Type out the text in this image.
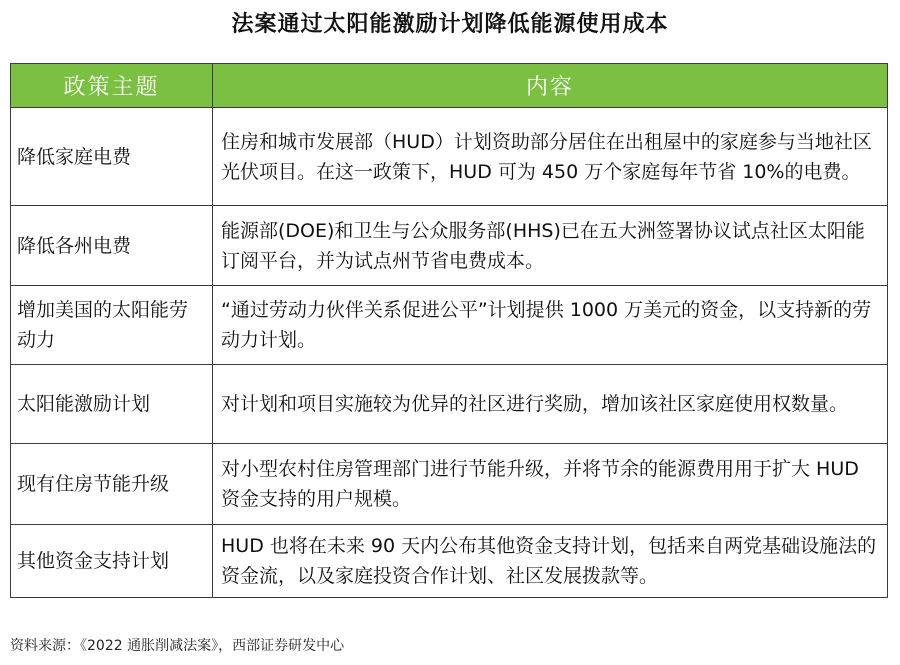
法案通过太阳能激励计划降低能源使用成本
政策主题	内容
降低家庭电费	住房和城市发展部（HUD）计划资助部分居住在出租屋中的家庭参与当地社区光伏项目。在这一政策下，HUD 可为 450 万个家庭每年节省 10%的电费。
降低各州电费	能源部(DOE)和卫生与公众服务部(HHS)已在五大洲签署协议试点社区太阳能订阅平台，并为试点州节省电费成本。
增加美国的太阳能劳动力	“通过劳动力伙伴关系促进公平”计划提供 1000 万美元的资金，以支持新的劳动力计划。
太阳能激励计划	对计划和项目实施较为优异的社区进行奖励，增加该社区家庭使用权数量。
现有住房节能升级	对小型农村住房管理部门进行节能升级，并将节余的能源费用用于扩大 HUD 资金支持的用户规模。
其他资金支持计划	HUD 也将在未来 90 天内公布其他资金支持计划，包括来自两党基础设施法的资金流，以及家庭投资合作计划、社区发展拨款等。
资料来源：《2022 通胀削减法案》，西部证券研发中心
